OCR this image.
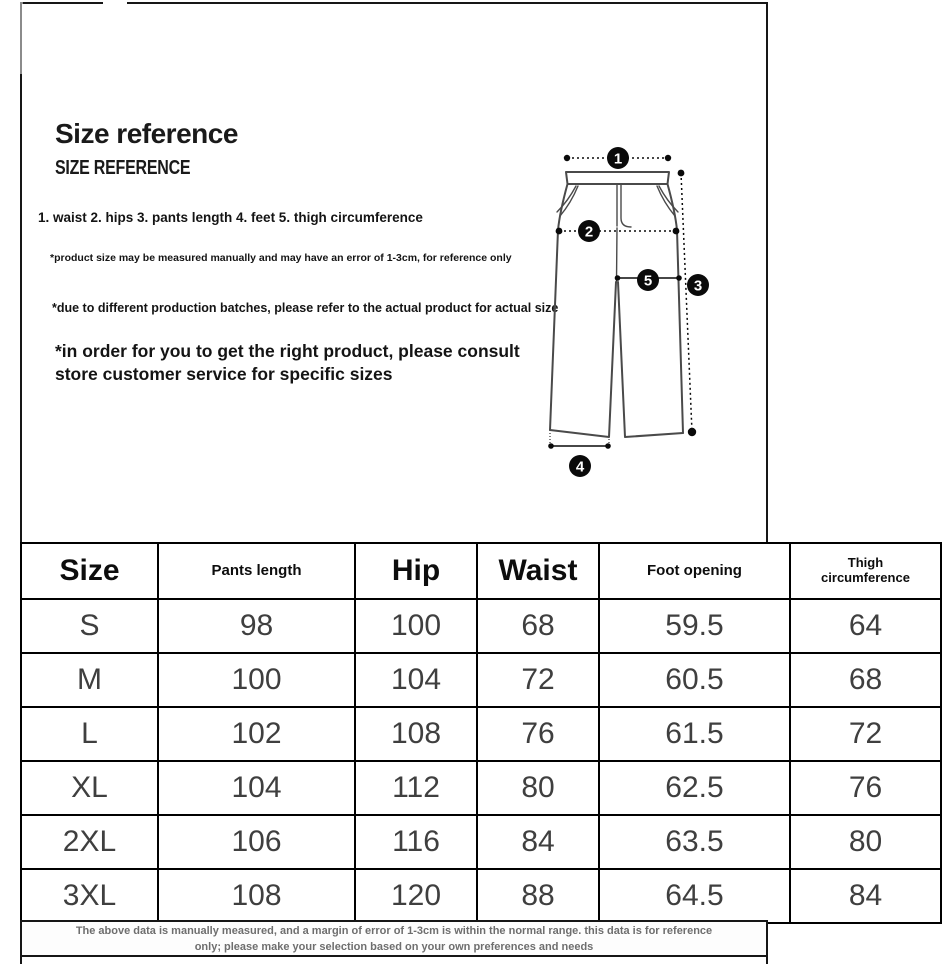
Size reference
SIZE REFERENCE
1. waist 2. hips 3. pants length 4. feet 5. thigh circumference
*product size may be measured manually and may have an error of 1-3cm, for reference only
*due to different production batches, please refer to the actual product for actual size
*in order for you to get the right product, please consult store customer service for specific sizes
1
2
3
4
5
Size	Pants length	Hip	Waist	Foot opening	Thigh circumference
S	98	100	68	59.5	64
M	100	104	72	60.5	68
L	102	108	76	61.5	72
XL	104	112	80	62.5	76
2XL	106	116	84	63.5	80
3XL	108	120	88	64.5	84
The above data is manually measured, and a margin of error of 1-3cm is within the normal range. this data is for reference only; please make your selection based on your own preferences and needs
